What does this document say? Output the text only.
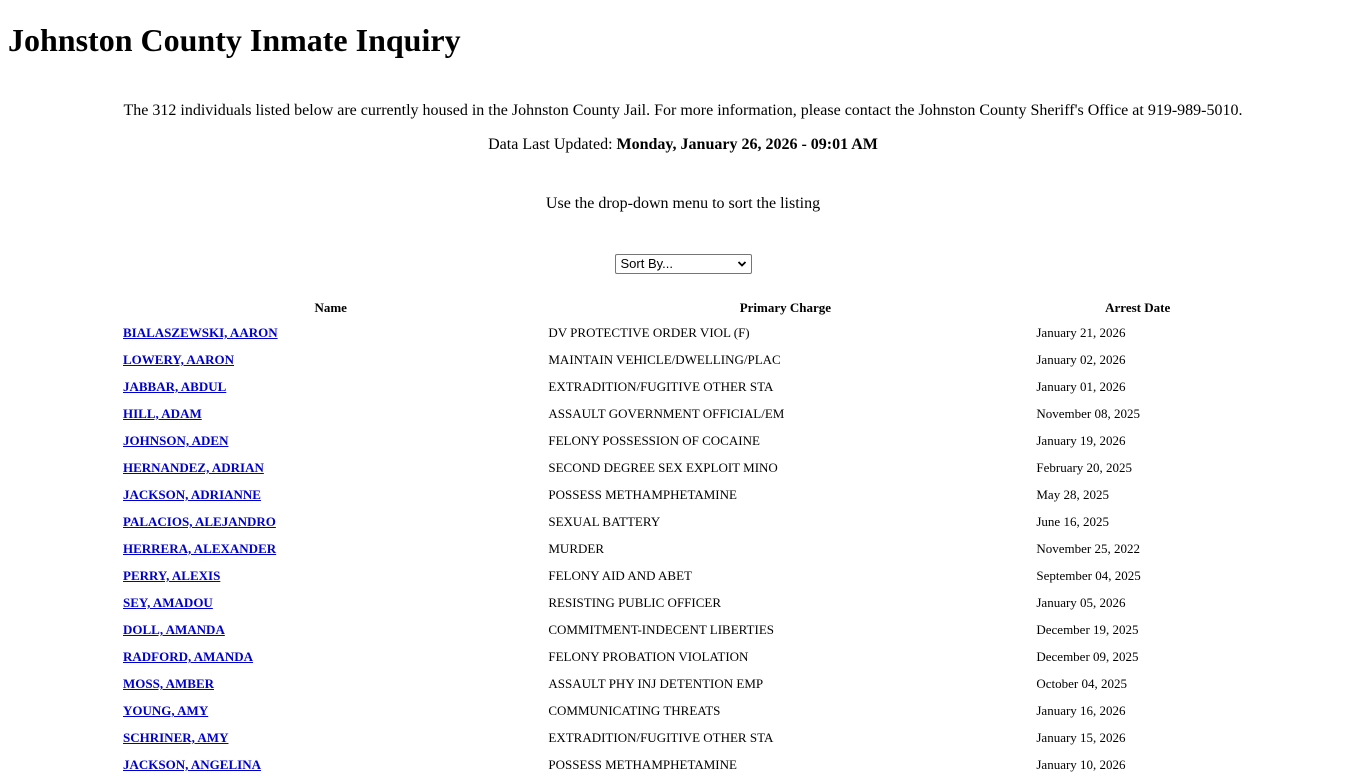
Johnston County Inmate Inquiry
The 312 individuals listed below are currently housed in the Johnston County Jail. For more information, please contact the Johnston County Sheriff's Office at 919-989-5010.
Data Last Updated: Monday, January 26, 2026 - 09:01 AM
Use the drop-down menu to sort the listing
Sort By...
Name	Primary Charge	Arrest Date
BIALASZEWSKI, AARON	DV PROTECTIVE ORDER VIOL (F)	January 21, 2026
LOWERY, AARON	MAINTAIN VEHICLE/DWELLING/PLAC	January 02, 2026
JABBAR, ABDUL	EXTRADITION/FUGITIVE OTHER STA	January 01, 2026
HILL, ADAM	ASSAULT GOVERNMENT OFFICIAL/EM	November 08, 2025
JOHNSON, ADEN	FELONY POSSESSION OF COCAINE	January 19, 2026
HERNANDEZ, ADRIAN	SECOND DEGREE SEX EXPLOIT MINO	February 20, 2025
JACKSON, ADRIANNE	POSSESS METHAMPHETAMINE	May 28, 2025
PALACIOS, ALEJANDRO	SEXUAL BATTERY	June 16, 2025
HERRERA, ALEXANDER	MURDER	November 25, 2022
PERRY, ALEXIS	FELONY AID AND ABET	September 04, 2025
SEY, AMADOU	RESISTING PUBLIC OFFICER	January 05, 2026
DOLL, AMANDA	COMMITMENT-INDECENT LIBERTIES	December 19, 2025
RADFORD, AMANDA	FELONY PROBATION VIOLATION	December 09, 2025
MOSS, AMBER	ASSAULT PHY INJ DETENTION EMP	October 04, 2025
YOUNG, AMY	COMMUNICATING THREATS	January 16, 2026
SCHRINER, AMY	EXTRADITION/FUGITIVE OTHER STA	January 15, 2026
JACKSON, ANGELINA	POSSESS METHAMPHETAMINE	January 10, 2026
